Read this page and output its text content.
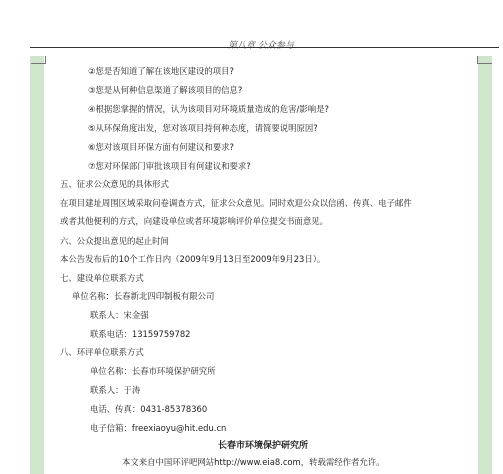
第八章 公众参与
②您是否知道了解在该地区建设的项目?
③您是从何种信息渠道了解该项目的信息?
④根据您掌握的情况，认为该项目对环境质量造成的危害/影响是?
⑤从环保角度出发，您对该项目持何种态度，请简要说明原因?
⑥您对该项目环保方面有何建议和要求?
⑦您对环保部门审批该项目有何建议和要求?
五、征求公众意见的具体形式
在项目建址周围区域采取问卷调查方式，征求公众意见。同时欢迎公众以信函、传真、电子邮件
或者其他便利的方式，向建设单位或者环境影响评价单位提交书面意见。
六、公众提出意见的起止时间
本公告发布后的10个工作日内（2009年9月13日至2009年9月23日）。
七、建设单位联系方式
单位名称：长春新北四印制板有限公司
联系人：宋金强
联系电话：13159759782
八、环评单位联系方式
单位名称：长春市环境保护研究所
联系人：于涛
电话、传真：0431-85378360
电子信箱：freexiaoyu@hit.edu.cn
长春市环境保护研究所
本文来自中国环评吧网站http://www.eia8.com，转载需经作者允许。
